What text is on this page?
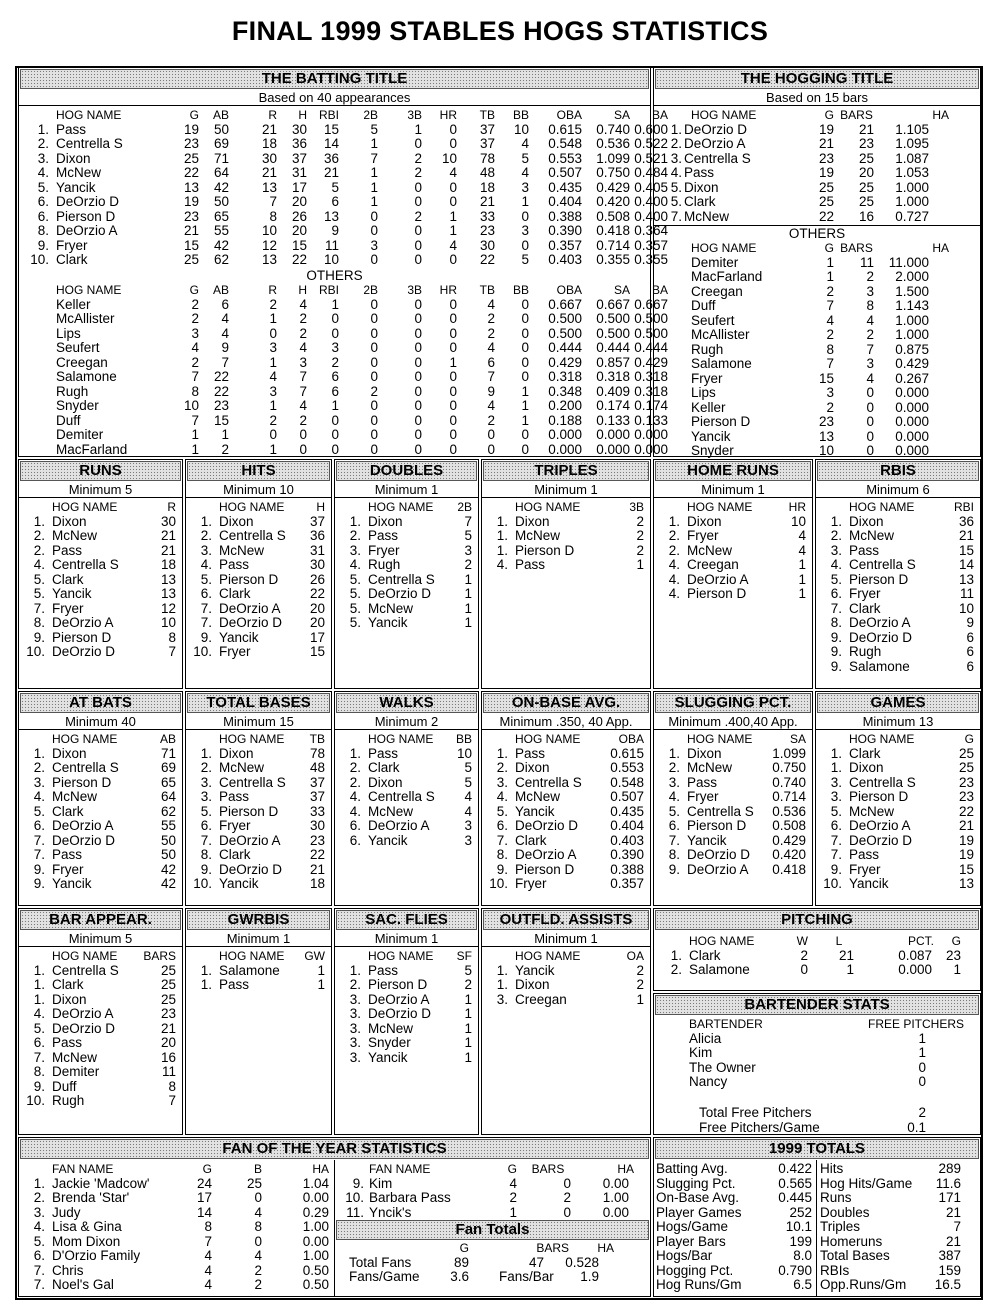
FINAL 1999 STABLES HOGS STATISTICS
THE BATTING TITLE
Based on 40 appearances
HOG NAME	G	AB	R	H RBI	2B	3B	HR	TB	BB	OBA	SA	BA
1. Pass	19	50	21	30	15	5	1	0	37	10	0.615	0.740 0.600
2. Centrella S	23	69	18	36	14	1	0	0	37	4	0.548	0.536 0.522
3. Dixon	25	71	30	37	36	7	2	10	78	5	0.553	1.099 0.521
4. McNew	22	64	21	31	21	1	2	4	48	4	0.507	0.750 0.484
5. Yancik	13	42	13	17	5	1	0	0	18	3	0.435	0.429 0.405
6. DeOrzio D	19	50	7	20	6	1	0	0	21	1	0.404	0.420 0.400
6. Pierson D	23	65	8	26	13	0	2	1	33	0	0.388	0.508 0.400
8. DeOrzio A	21	55	10	20	9	0	0	1	23	3	0.390	0.418 0.364
9. Fryer	15	42	12	15	11	3	0	4	30	0	0.357	0.714 0.357
10. Clark	25	62	13	22	10	0	0	0	22	5	0.403	0.355 0.355
OTHERS
HOG NAME	G	AB	R	H RBI	2B	3B	HR	TB	BB	OBA	SA	BA
Keller	2	6	2	4	1	0	0	0	4	0	0.667	0.667 0.667
McAllister	2	4	1	2	0	0	0	0	2	0	0.500	0.500 0.500
Lips	3	4	0	2	0	0	0	0	2	0	0.500	0.500 0.500
Seufert	4	9	3	4	3	0	0	0	4	0	0.444	0.444 0.444
Creegan	2	7	1	3	2	0	0	1	6	0	0.429	0.857 0.429
Salamone	7	22	4	7	6	0	0	0	7	0	0.318	0.318 0.318
Rugh	8	22	3	7	6	2	0	0	9	1	0.348	0.409 0.318
Snyder	10	23	1	4	1	0	0	0	4	1	0.200	0.174 0.174
Duff	7	15	2	2	0	0	0	0	2	1	0.188	0.133 0.133
Demiter	1	1	0	0	0	0	0	0	0	0	0.000	0.000 0.000
MacFarland	1	2	1	0	0	0	0	0	0	0	0.000	0.000 0.000
THE HOGGING TITLE
Based on 15 bars
HOG NAME	G BARS	HA
1. DeOrzio D	19	21	1.105
2. DeOrzio A	21	23	1.095
3. Centrella S	23	25	1.087
4. Pass	19	20	1.053
5. Dixon	25	25	1.000
5. Clark	25	25	1.000
7. McNew	22	16	0.727
OTHERS
HOG NAME	G BARS	HA
Demiter	1	11	11.000
MacFarland	1	2	2.000
Creegan	2	3	1.500
Duff	7	8	1.143
Seufert	4	4	1.000
McAllister	2	2	1.000
Rugh	8	7	0.875
Salamone	7	3	0.429
Fryer	15	4	0.267
Lips	3	0	0.000
Keller	2	0	0.000
Pierson D	23	0	0.000
Yancik	13	0	0.000
Snyder	10	0	0.000
RUNS
Minimum 5
HOG NAME	R
1. Dixon	30
2. McNew	21
2. Pass	21
4. Centrella S	18
5. Clark	13
5. Yancik	13
7. Fryer	12
8. DeOrzio A	10
9. Pierson D	8
10. DeOrzio D	7
HITS
Minimum 10
HOG NAME	H
1. Dixon	37
2. Centrella S	36
3. McNew	31
4. Pass	30
5. Pierson D	26
6. Clark	22
7. DeOrzio A	20
7. DeOrzio D	20
9. Yancik	17
10. Fryer	15
DOUBLES
Minimum 1
HOG NAME	2B
1. Dixon	7
2. Pass	5
3. Fryer	3
4. Rugh	2
5. Centrella S	1
5. DeOrzio D	1
5. McNew	1
5. Yancik	1
TRIPLES
Minimum 1
HOG NAME	3B
1. Dixon	2
1. McNew	2
1. Pierson D	2
4. Pass	1
HOME RUNS
Minimum 1
HOG NAME	HR
1. Dixon	10
2. Fryer	4
2. McNew	4
4. Creegan	1
4. DeOrzio A	1
4. Pierson D	1
RBIS
Minimum 6
HOG NAME	RBI
1. Dixon	36
2. McNew	21
3. Pass	15
4. Centrella S	14
5. Pierson D	13
6. Fryer	11
7. Clark	10
8. DeOrzio A	9
9. DeOrzio D	6
9. Rugh	6
9. Salamone	6
AT BATS
Minimum 40
HOG NAME	AB
1. Dixon	71
2. Centrella S	69
3. Pierson D	65
4. McNew	64
5. Clark	62
6. DeOrzio A	55
7. DeOrzio D	50
7. Pass	50
9. Fryer	42
9. Yancik	42
TOTAL BASES
Minimum 15
HOG NAME	TB
1. Dixon	78
2. McNew	48
3. Centrella S	37
3. Pass	37
5. Pierson D	33
6. Fryer	30
7. DeOrzio A	23
8. Clark	22
9. DeOrzio D	21
10. Yancik	18
WALKS
Minimum 2
HOG NAME	BB
1. Pass	10
2. Clark	5
2. Dixon	5
4. Centrella S	4
4. McNew	4
6. DeOrzio A	3
6. Yancik	3
ON-BASE AVG.
Minimum .350, 40 App.
HOG NAME	OBA
1. Pass	0.615
2. Dixon	0.553
3. Centrella S	0.548
4. McNew	0.507
5. Yancik	0.435
6. DeOrzio D	0.404
7. Clark	0.403
8. DeOrzio A	0.390
9. Pierson D	0.388
10. Fryer	0.357
SLUGGING PCT.
Minimum .400,40 App.
HOG NAME	SA
1. Dixon	1.099
2. McNew	0.750
3. Pass	0.740
4. Fryer	0.714
5. Centrella S	0.536
6. Pierson D	0.508
7. Yancik	0.429
8. DeOrzio D	0.420
9. DeOrzio A	0.418
GAMES
Minimum 13
HOG NAME	G
1. Clark	25
1. Dixon	25
3. Centrella S	23
3. Pierson D	23
5. McNew	22
6. DeOrzio A	21
7. DeOrzio D	19
7. Pass	19
9. Fryer	15
10. Yancik	13
BAR APPEAR.
Minimum 5
HOG NAME	BARS
1. Centrella S	25
1. Clark	25
1. Dixon	25
4. DeOrzio A	23
5. DeOrzio D	21
6. Pass	20
7. McNew	16
8. Demiter	11
9. Duff	8
10. Rugh	7
GWRBIS
Minimum 1
HOG NAME	GW
1. Salamone	1
1. Pass	1
SAC. FLIES
Minimum 1
HOG NAME	SF
1. Pass	5
2. Pierson D	2
3. DeOrzio A	1
3. DeOrzio D	1
3. McNew	1
3. Snyder	1
3. Yancik	1
OUTFLD. ASSISTS
Minimum 1
HOG NAME	OA
1. Yancik	2
1. Dixon	2
3. Creegan	1
PITCHING
HOG NAME	W	L	PCT.	G
1. Clark	2	21	0.087	23
2. Salamone	0	1	0.000	1
BARTENDER STATS
BARTENDER	FREE PITCHERS
Alicia	1
Kim	1
The Owner	0
Nancy	0
Total Free Pitchers	2
Free Pitchers/Game	0.1
FAN OF THE YEAR STATISTICS
FAN NAME	G	B	HA
1. Jackie 'Madcow'	24	25	1.04
2. Brenda 'Star'	17	0	0.00
3. Judy	14	4	0.29
4. Lisa & Gina	8	8	1.00
5. Mom Dixon	7	0	0.00
6. D'Orzio Family	4	4	1.00
7. Chris	4	2	0.50
7. Noel's Gal	4	2	0.50
FAN NAME	G	BARS	HA
9. Kim	4	0	0.00
10. Barbara Pass	2	2	1.00
11. Yncik's	1	0	0.00
Fan Totals
G	BARS	HA
Total Fans	89	47	0.528
Fans/Game	3.6 Fans/Bar	1.9
1999 TOTALS
Batting Avg.	0.422
Slugging Pct.	0.565
On-Base Avg.	0.445
Player Games	252
Hogs/Game	10.1
Player Bars	199
Hogs/Bar	8.0
Hogging Pct.	0.790
Hog Runs/Gm	6.5
Hits	289
Hog Hits/Game	11.6
Runs	171
Doubles	21
Triples	7
Homeruns	21
Total Bases	387
RBIs	159
Opp.Runs/Gm	16.5
